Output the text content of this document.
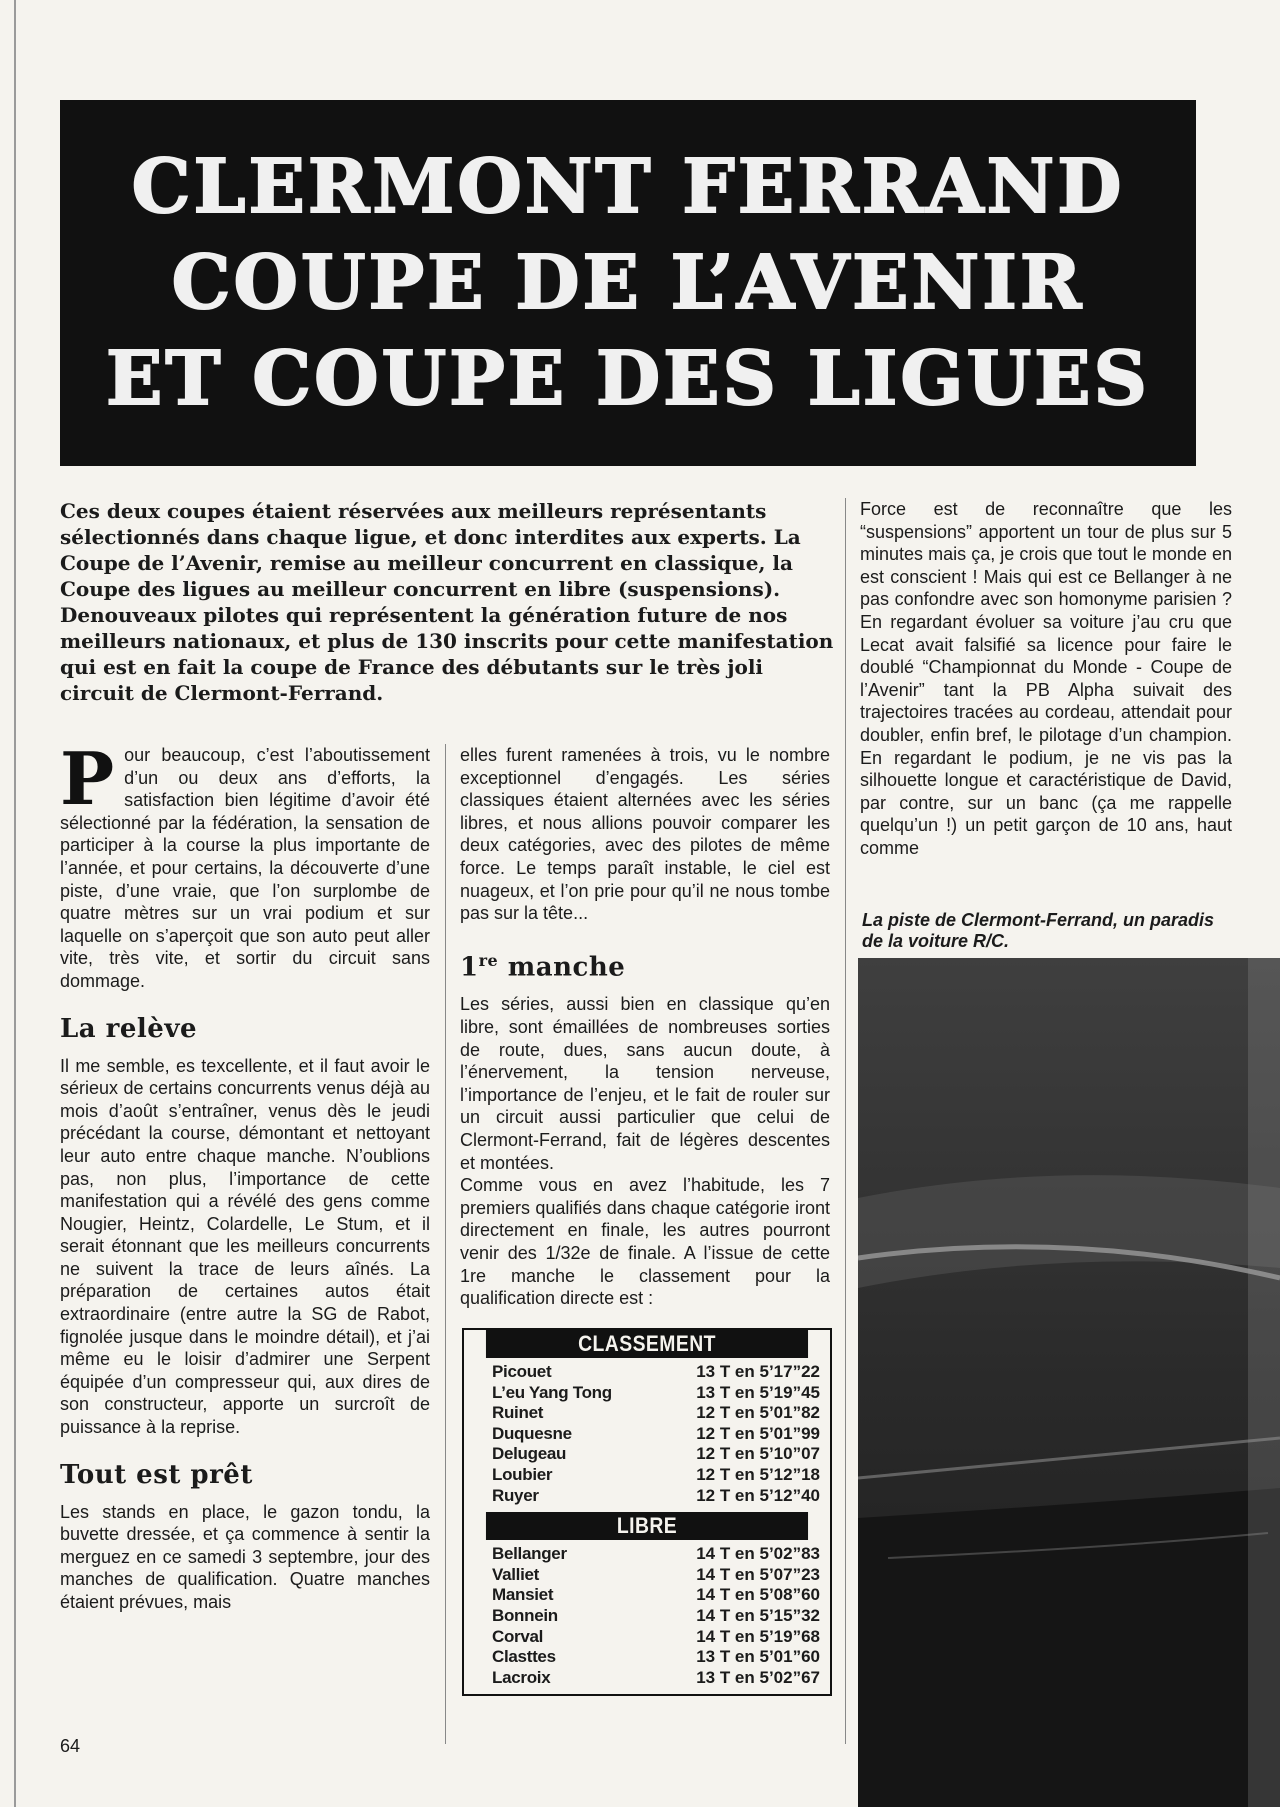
CLERMONT FERRAND
COUPE DE L’AVENIR
ET COUPE DES LIGUES
Ces deux coupes étaient réservées aux meilleurs représentants sélectionnés dans chaque ligue, et donc interdites aux experts. La Coupe de l’Avenir, remise au meilleur concurrent en classique, la Coupe des ligues au meilleur concurrent en libre (suspensions). Denouveaux pilotes qui représentent la génération future de nos meilleurs nationaux, et plus de 130 inscrits pour cette manifestation qui est en fait la coupe de France des débutants sur le très joli circuit de Clermont-Ferrand.

Pour beaucoup, c’est l’aboutissement d’un ou deux ans d’efforts, la satisfaction bien légitime d’avoir été sélectionné par la fédération, la sensation de participer à la course la plus importante de l’année, et pour certains, la découverte d’une piste, d’une vraie, que l’on surplombe de quatre mètres sur un vrai podium et sur laquelle on s’aperçoit que son auto peut aller vite, très vite, et sortir du circuit sans dommage.

La relève

Il me semble, es texcellente, et il faut avoir le sérieux de certains concurrents venus déjà au mois d’août s’entraîner, venus dès le jeudi précédant la course, démontant et nettoyant leur auto entre chaque manche. N’oublions pas, non plus, l’importance de cette manifestation qui a révélé des gens comme Nougier, Heintz, Colardelle, Le Stum, et il serait étonnant que les meilleurs concurrents ne suivent la trace de leurs aînés. La préparation de certaines autos était extraordinaire (entre autre la SG de Rabot, fignolée jusque dans le moindre détail), et j’ai même eu le loisir d’admirer une Serpent équipée d’un compresseur qui, aux dires de son constructeur, apporte un surcroît de puissance à la reprise.

Tout est prêt

Les stands en place, le gazon tondu, la buvette dressée, et ça commence à sentir la merguez en ce samedi 3 septembre, jour des manches de qualification. Quatre manches étaient prévues, mais

elles furent ramenées à trois, vu le nombre exceptionnel d’engagés. Les séries classiques étaient alternées avec les séries libres, et nous allions pouvoir comparer les deux catégories, avec des pilotes de même force. Le temps paraît instable, le ciel est nuageux, et l’on prie pour qu’il ne nous tombe pas sur la tête...

1re manche

Les séries, aussi bien en classique qu’en libre, sont émaillées de nombreuses sorties de route, dues, sans aucun doute, à l’énervement, la tension nerveuse, l’importance de l’enjeu, et le fait de rouler sur un circuit aussi particulier que celui de Clermont-Ferrand, fait de légères descentes et montées.

Comme vous en avez l’habitude, les 7 premiers qualifiés dans chaque catégorie iront directement en finale, les autres pourront venir des 1/32e de finale. A l’issue de cette 1re manche le classement pour la qualification directe est :

CLASSEMENT
Picouet	13 T en 5’17”22
L’eu Yang Tong	13 T en 5’19”45
Ruinet	12 T en 5’01”82
Duquesne	12 T en 5’01”99
Delugeau	12 T en 5’10”07
Loubier	12 T en 5’12”18
Ruyer	12 T en 5’12”40
LIBRE
Bellanger	14 T en 5’02”83
Valliet	14 T en 5’07”23
Mansiet	14 T en 5’08”60
Bonnein	14 T en 5’15”32
Corval	14 T en 5’19”68
Clasttes	13 T en 5’01”60
Lacroix	13 T en 5’02”67

Force est de reconnaître que les “suspensions” apportent un tour de plus sur 5 minutes mais ça, je crois que tout le monde en est conscient ! Mais qui est ce Bellanger à ne pas confondre avec son homonyme parisien ? En regardant évoluer sa voiture j’au cru que Lecat avait falsifié sa licence pour faire le doublé “Championnat du Monde - Coupe de l’Avenir” tant la PB Alpha suivait des trajectoires tracées au cordeau, attendait pour doubler, enfin bref, le pilotage d’un champion. En regardant le podium, je ne vis pas la silhouette longue et caractéristique de David, par contre, sur un banc (ça me rappelle quelqu’un !) un petit garçon de 10 ans, haut comme

La piste de Clermont-Ferrand, un paradis de la voiture R/C.
64
